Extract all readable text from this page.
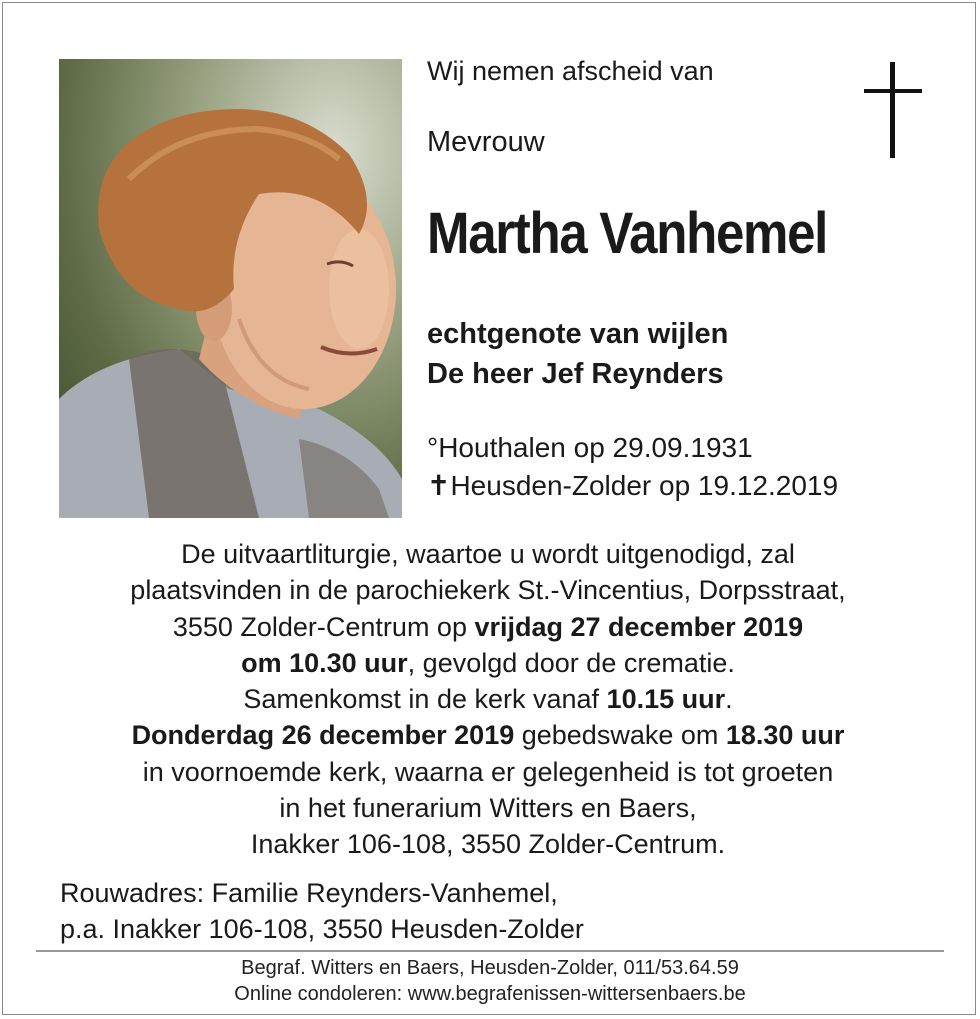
Wij nemen afscheid van
Mevrouw
Martha Vanhemel
echtgenote van wijlen
De heer Jef Reynders
°Houthalen op 29.09.1931
✝Heusden-Zolder op 19.12.2019
De uitvaartliturgie, waartoe u wordt uitgenodigd, zal
plaatsvinden in de parochiekerk St.-Vincentius, Dorpsstraat,
3550 Zolder-Centrum op vrijdag 27 december 2019
om 10.30 uur, gevolgd door de crematie.
Samenkomst in de kerk vanaf 10.15 uur.
Donderdag 26 december 2019 gebedswake om 18.30 uur
in voornoemde kerk, waarna er gelegenheid is tot groeten
in het funerarium Witters en Baers,
Inakker 106-108, 3550 Zolder-Centrum.
Rouwadres: Familie Reynders-Vanhemel,
p.a. Inakker 106-108, 3550 Heusden-Zolder
Begraf. Witters en Baers, Heusden-Zolder, 011/53.64.59
Online condoleren: www.begrafenissen-wittersenbaers.be
